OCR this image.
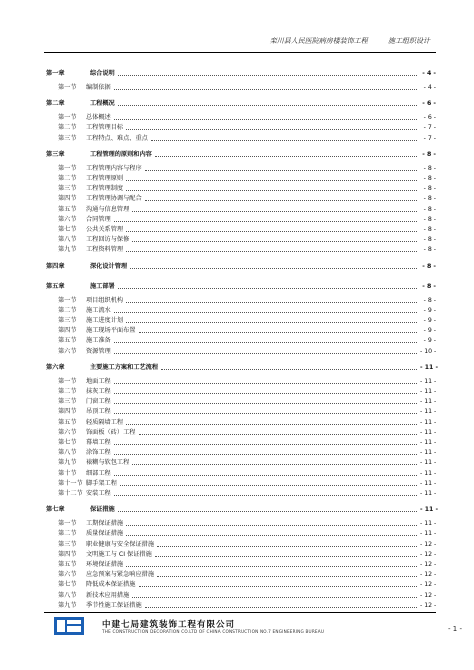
栾川县人民医院病房楼装饰工程	施工组织设计
第一章	综合说明	- 4 -
第一节	编制依据	- 4 -
第二章	工程概况	- 6 -
第一节	总体概述	- 6 -
第二节	工程管理目标	- 7 -
第三节	工程特点、难点、重点	- 7 -
第三章	工程管理的原则和内容	- 8 -
第一节	工程管理内容与程序	- 8 -
第二节	工程管理原则	- 8 -
第三节	工程管理制度	- 8 -
第四节	工程管理协调与配合	- 8 -
第五节	沟通与信息管理	- 8 -
第六节	合同管理	- 8 -
第七节	公共关系管理	- 8 -
第八节	工程回访与保修	- 8 -
第九节	工程资料管理	- 8 -
第四章	深化设计管理	- 8 -
第五章	施工部署	- 8 -
第一节	项目组织机构	- 8 -
第二节	施工流水	- 9 -
第三节	施工进度计划	- 9 -
第四节	施工现场平面布置	- 9 -
第五节	施工准备	- 9 -
第六节	资源管理	- 10 -
第六章	主要施工方案和工艺流程	- 11 -
第一节	地面工程	- 11 -
第二节	抹灰工程	- 11 -
第三节	门窗工程	- 11 -
第四节	吊顶工程	- 11 -
第五节	轻质隔墙工程	- 11 -
第六节	饰面板（砖）工程	- 11 -
第七节	幕墙工程	- 11 -
第八节	涂饰工程	- 11 -
第九节	裱糊与软包工程	- 11 -
第十节	细部工程	- 11 -
第十一节 脚手架工程	- 11 -
第十二节 安装工程	- 11 -
第七章	保证措施	- 11 -
第一节	工期保证措施	- 11 -
第二节	质量保证措施	- 11 -
第三节	职业健康与安全保证措施	- 12 -
第四节	文明施工与 CI 保证措施	- 12 -
第五节	环境保证措施	- 12 -
第六节	应急预案与紧急响应措施	- 12 -
第七节	降低成本保证措施	- 12 -
第八节	新技术应用措施	- 12 -
第九节	季节性施工保证措施	- 12 -
中建七局建筑装饰工程有限公司
THE CONSTRUCTION DECORATION CO.LTD OF CHINA CONSTRUCTION NO.7 ENGINEERING BUREAU	- 1 -
